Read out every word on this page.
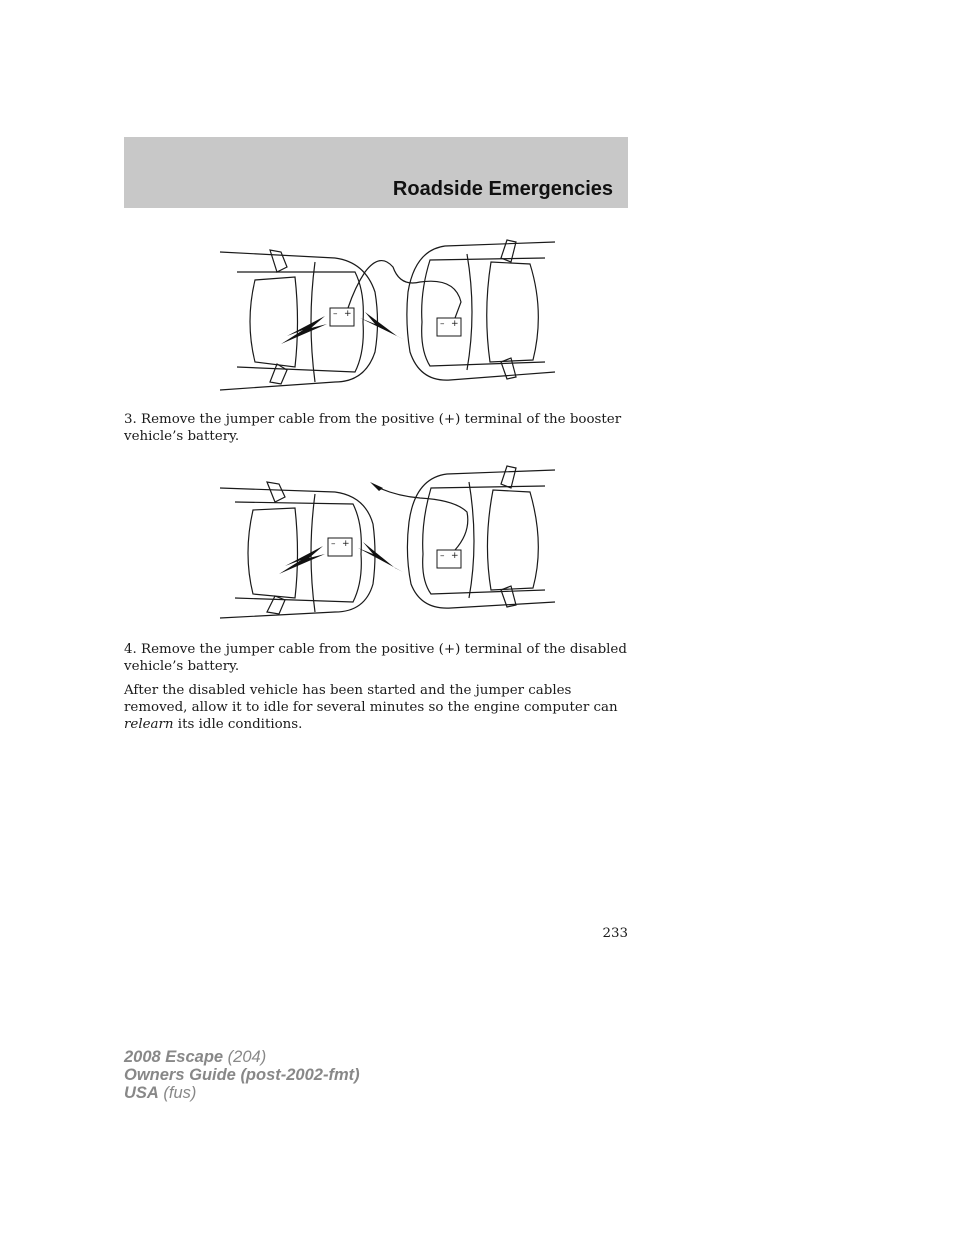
Roadside Emergencies
– +
– +

3. Remove the jumper cable from the positive (+) terminal of the booster vehicle’s battery.

– +
– +

4. Remove the jumper cable from the positive (+) terminal of the disabled vehicle’s battery.

After the disabled vehicle has been started and the jumper cables removed, allow it to idle for several minutes so the engine computer can relearn its idle conditions.

233
2008 Escape (204)
Owners Guide (post-2002-fmt)
USA (fus)
